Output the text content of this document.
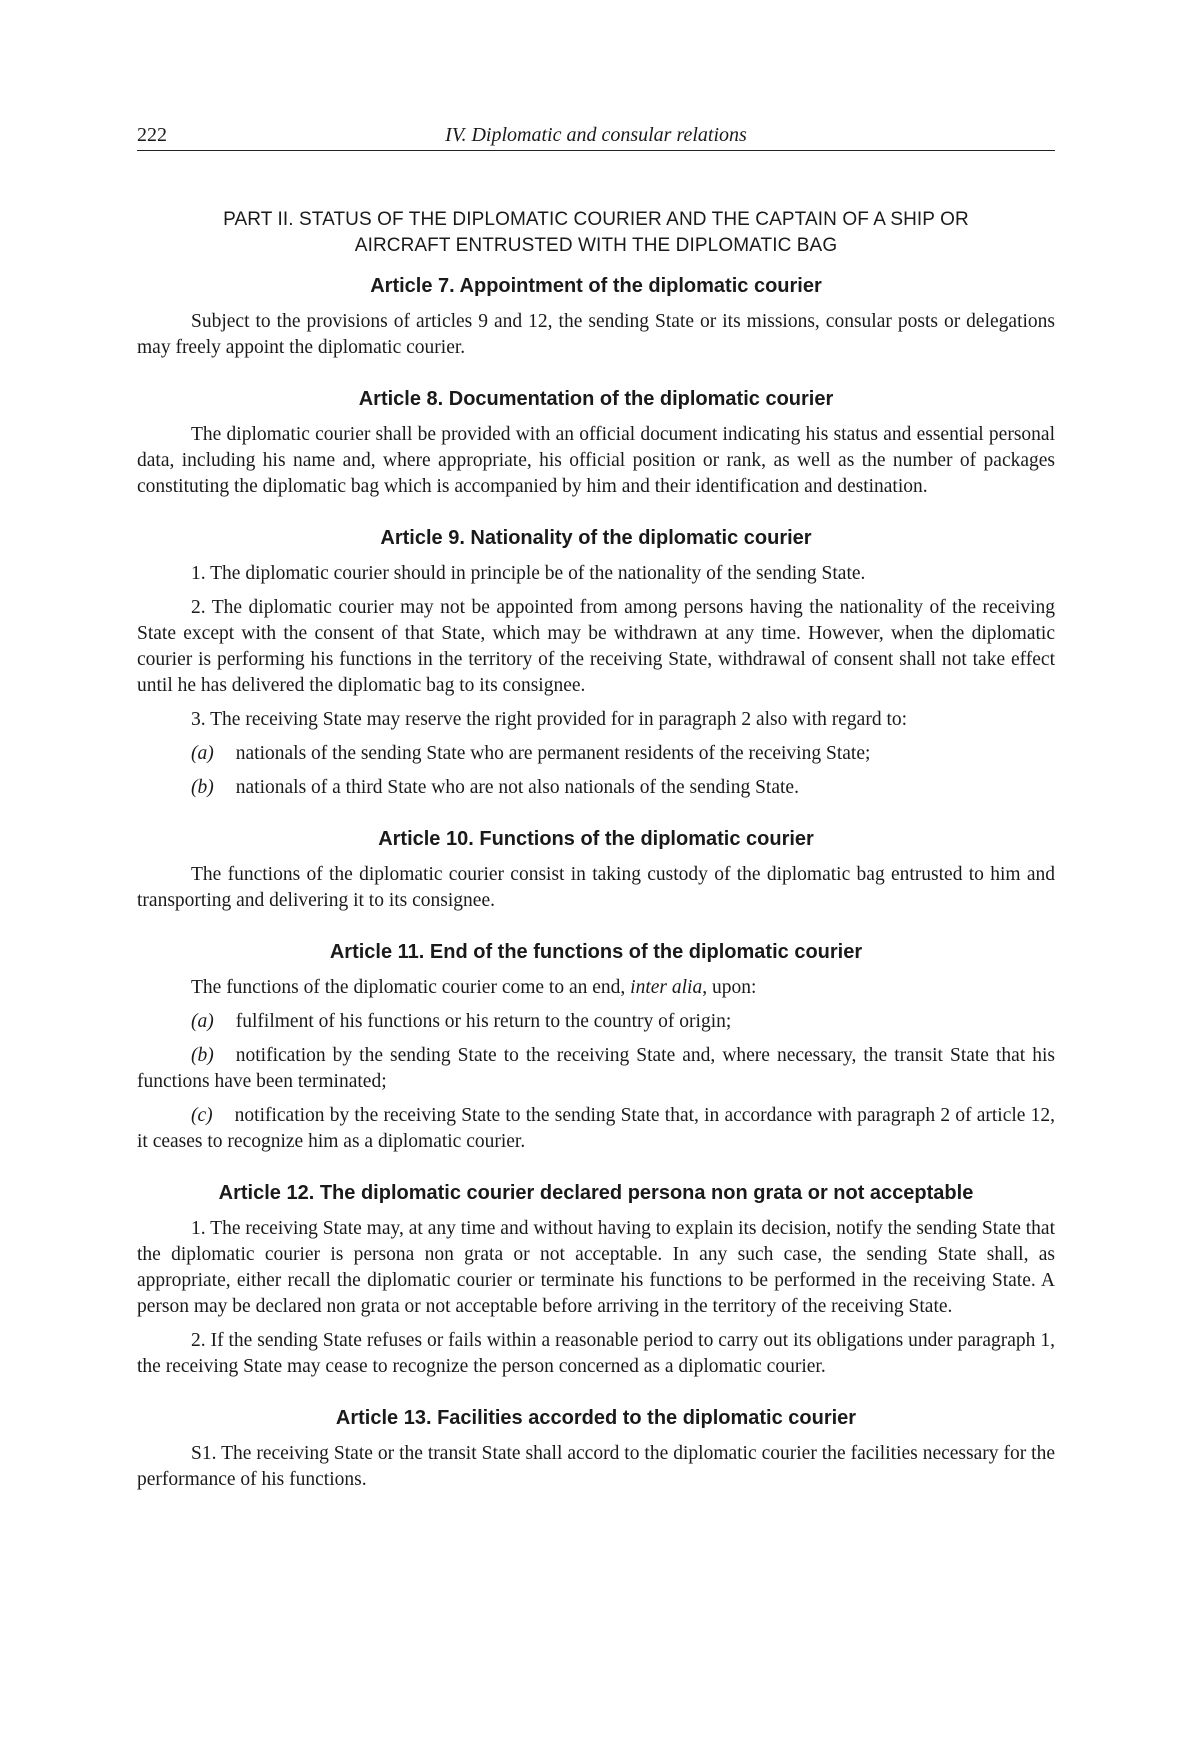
222	IV. Diplomatic and consular relations

PART II. STATUS OF THE DIPLOMATIC COURIER AND THE CAPTAIN OF A SHIP OR

AIRCRAFT ENTRUSTED WITH THE DIPLOMATIC BAG

Article 7. Appointment of the diplomatic courier

Subject to the provisions of articles 9 and 12, the sending State or its missions, consular posts or delegations may freely appoint the diplomatic courier.

Article 8. Documentation of the diplomatic courier

The diplomatic courier shall be provided with an official document indicating his status and essential personal data, including his name and, where appropriate, his official position or rank, as well as the number of packages constituting the diplomatic bag which is accompanied by him and their identification and destination.

Article 9. Nationality of the diplomatic courier

1. The diplomatic courier should in principle be of the nationality of the sending State.

2. The diplomatic courier may not be appointed from among persons having the nationality of the receiving State except with the consent of that State, which may be withdrawn at any time. However, when the diplomatic courier is performing his functions in the territory of the receiving State, withdrawal of consent shall not take effect until he has delivered the diplomatic bag to its consignee.

3. The receiving State may reserve the right provided for in paragraph 2 also with regard to:

(a) nationals of the sending State who are permanent residents of the receiving State;

(b) nationals of a third State who are not also nationals of the sending State.

Article 10. Functions of the diplomatic courier

The functions of the diplomatic courier consist in taking custody of the diplomatic bag entrusted to him and transporting and delivering it to its consignee.

Article 11. End of the functions of the diplomatic courier

The functions of the diplomatic courier come to an end, inter alia, upon:

(a) fulfilment of his functions or his return to the country of origin;

(b) notification by the sending State to the receiving State and, where necessary, the transit State that his functions have been terminated;

(c) notification by the receiving State to the sending State that, in accordance with paragraph 2 of article 12, it ceases to recognize him as a diplomatic courier.

Article 12. The diplomatic courier declared persona non grata or not acceptable

1. The receiving State may, at any time and without having to explain its decision, notify the sending State that the diplomatic courier is persona non grata or not acceptable. In any such case, the sending State shall, as appropriate, either recall the diplomatic courier or terminate his functions to be performed in the receiving State. A person may be declared non grata or not acceptable before arriving in the territory of the receiving State.

2. If the sending State refuses or fails within a reasonable period to carry out its obligations under paragraph 1, the receiving State may cease to recognize the person concerned as a diplomatic courier.

Article 13. Facilities accorded to the diplomatic courier

S1. The receiving State or the transit State shall accord to the diplomatic courier the facilities necessary for the performance of his functions.
